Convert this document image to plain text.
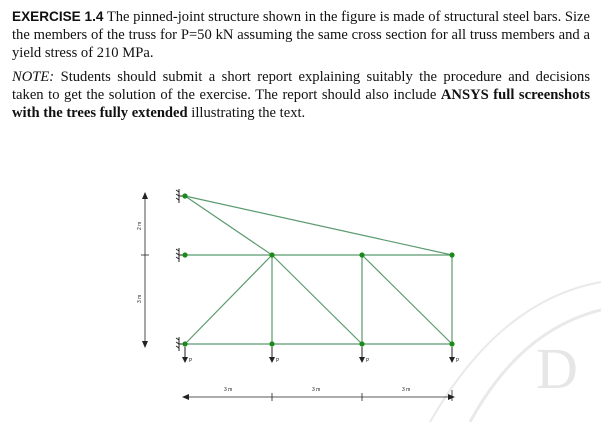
EXERCISE 1.4 The pinned-joint structure shown in the figure is made of structural steel bars. Size the members of the truss for P=50 kN assuming the same cross section for all truss members and a yield stress of 210 MPa.

NOTE: Students should submit a short report explaining suitably the procedure and decisions taken to get the solution of the exercise. The report should also include ANSYS full screenshots with the trees fully extended illustrating the text.

D
P	P	P	P
2 m
3 m
3 m	3 m	3 m
